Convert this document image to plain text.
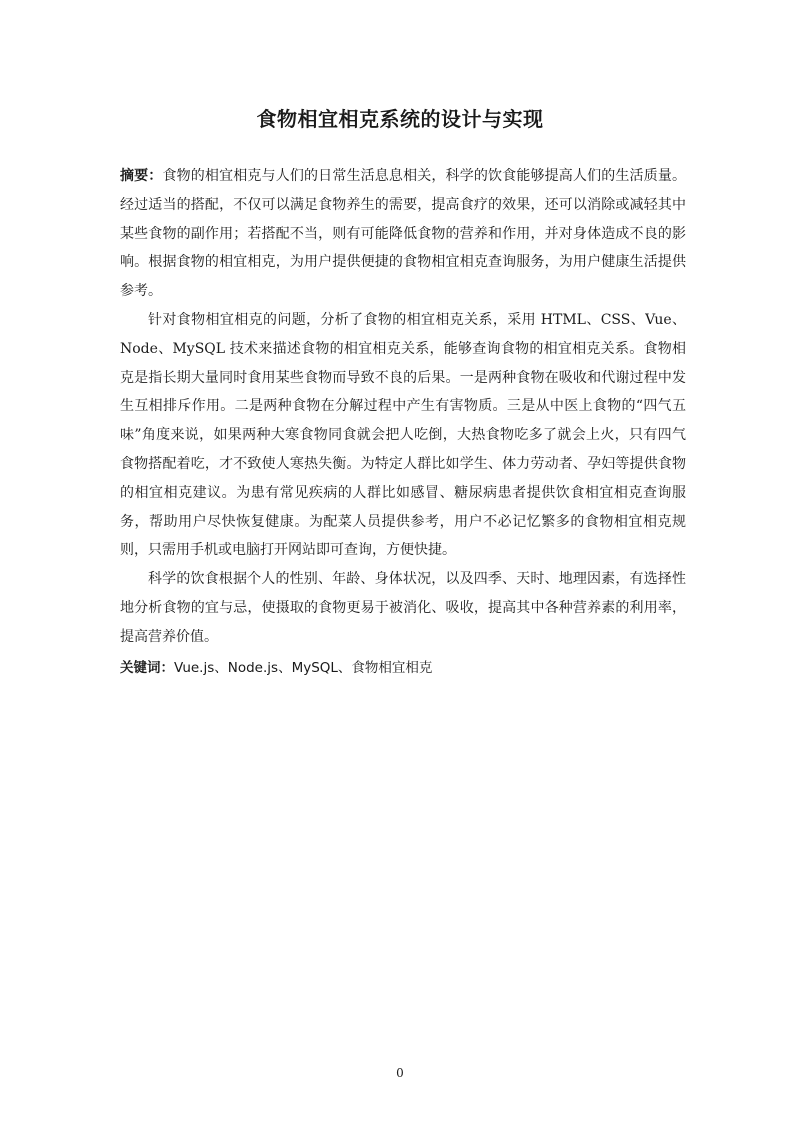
食物相宜相克系统的设计与实现

摘要：食物的相宜相克与人们的日常生活息息相关，科学的饮食能够提高人们的生活质量。经过适当的搭配，不仅可以满足食物养生的需要，提高食疗的效果，还可以消除或减轻其中某些食物的副作用；若搭配不当，则有可能降低食物的营养和作用，并对身体造成不良的影响。根据食物的相宜相克，为用户提供便捷的食物相宜相克查询服务，为用户健康生活提供参考。

针对食物相宜相克的问题，分析了食物的相宜相克关系，采用 HTML、CSS、Vue、Node、MySQL 技术来描述食物的相宜相克关系，能够查询食物的相宜相克关系。食物相克是指长期大量同时食用某些食物而导致不良的后果。一是两种食物在吸收和代谢过程中发生互相排斥作用。二是两种食物在分解过程中产生有害物质。三是从中医上食物的“四气五味”角度来说，如果两种大寒食物同食就会把人吃倒，大热食物吃多了就会上火，只有四气食物搭配着吃，才不致使人寒热失衡。为特定人群比如学生、体力劳动者、孕妇等提供食物的相宜相克建议。为患有常见疾病的人群比如感冒、糖尿病患者提供饮食相宜相克查询服务，帮助用户尽快恢复健康。为配菜人员提供参考，用户不必记忆繁多的食物相宜相克规则，只需用手机或电脑打开网站即可查询，方便快捷。

科学的饮食根据个人的性别、年龄、身体状况，以及四季、天时、地理因素，有选择性地分析食物的宜与忌，使摄取的食物更易于被消化、吸收，提高其中各种营养素的利用率，提高营养价值。

关键词：Vue.js、Node.js、MySQL、食物相宜相克

0
